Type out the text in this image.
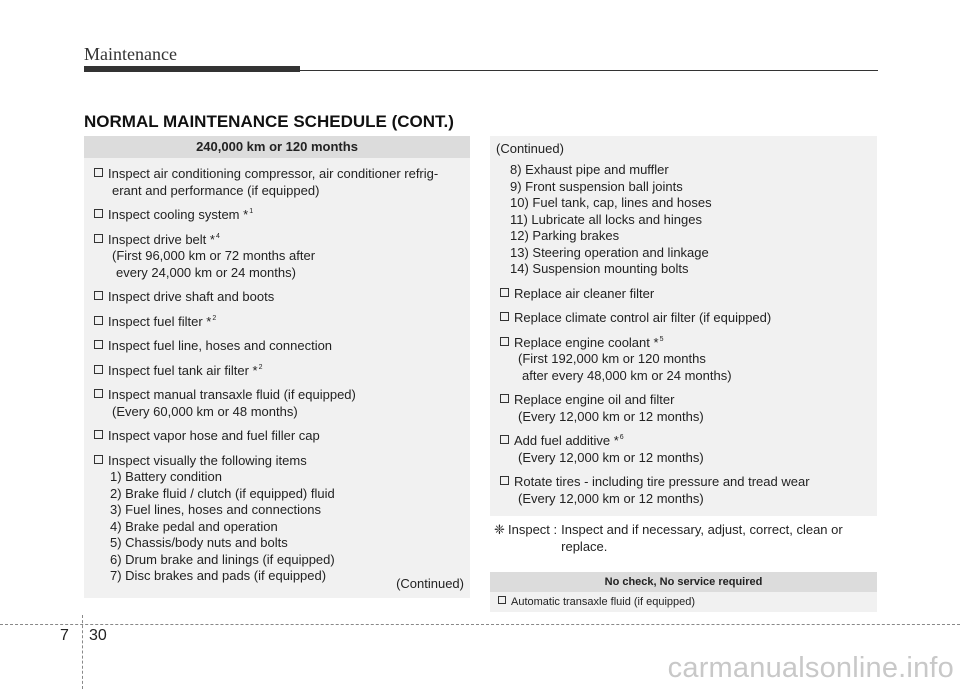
Maintenance
NORMAL MAINTENANCE SCHEDULE (CONT.)
240,000 km or 120 months
Inspect air conditioning compressor, air conditioner refrig-
erant and performance (if equipped)
Inspect cooling system *$^1$
Inspect drive belt *$^4$
(First 96,000 km or 72 months after
every 24,000 km or 24 months)
Inspect drive shaft and boots
Inspect fuel filter *$^2$
Inspect fuel line, hoses and connection
Inspect fuel tank air filter *$^2$
Inspect manual transaxle fluid (if equipped)
(Every 60,000 km or 48 months)
Inspect vapor hose and fuel filler cap
Inspect visually the following items
1) Battery condition
2) Brake fluid / clutch (if equipped) fluid
3) Fuel lines, hoses and connections
4) Brake pedal and operation
5) Chassis/body nuts and bolts
6) Drum brake and linings (if equipped)
7) Disc brakes and pads (if equipped)
(Continued)
(Continued)
8) Exhaust pipe and muffler
9) Front suspension ball joints
10) Fuel tank, cap, lines and hoses
11) Lubricate all locks and hinges
12) Parking brakes
13) Steering operation and linkage
14) Suspension mounting bolts
Replace air cleaner filter
Replace climate control air filter (if equipped)
Replace engine coolant *$^5$
(First 192,000 km or 120 months
after every 48,000 km or 24 months)
Replace engine oil and filter
(Every 12,000 km or 12 months)
Add fuel additive *$^6$
(Every 12,000 km or 12 months)
Rotate tires - including tire pressure and tread wear
(Every 12,000 km or 12 months)
❈ Inspect : Inspect and if necessary, adjust, correct, clean or replace.
No check, No service required
Automatic transaxle fluid (if equipped)
7 30
carmanualsonline.info
